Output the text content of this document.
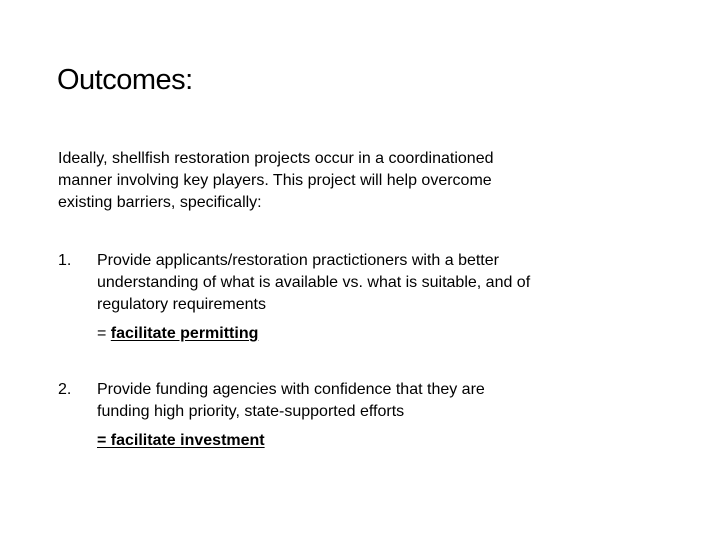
Outcomes:

Ideally, shellfish restoration projects occur in a coordinationed manner involving key players. This project will help overcome existing barriers, specifically:

1.	Provide applicants/restoration practictioners with a better understanding of what is available vs. what is suitable, and of regulatory requirements
= facilitate permitting
2.	Provide funding agencies with confidence that they are funding high priority, state-supported efforts
= facilitate investment
